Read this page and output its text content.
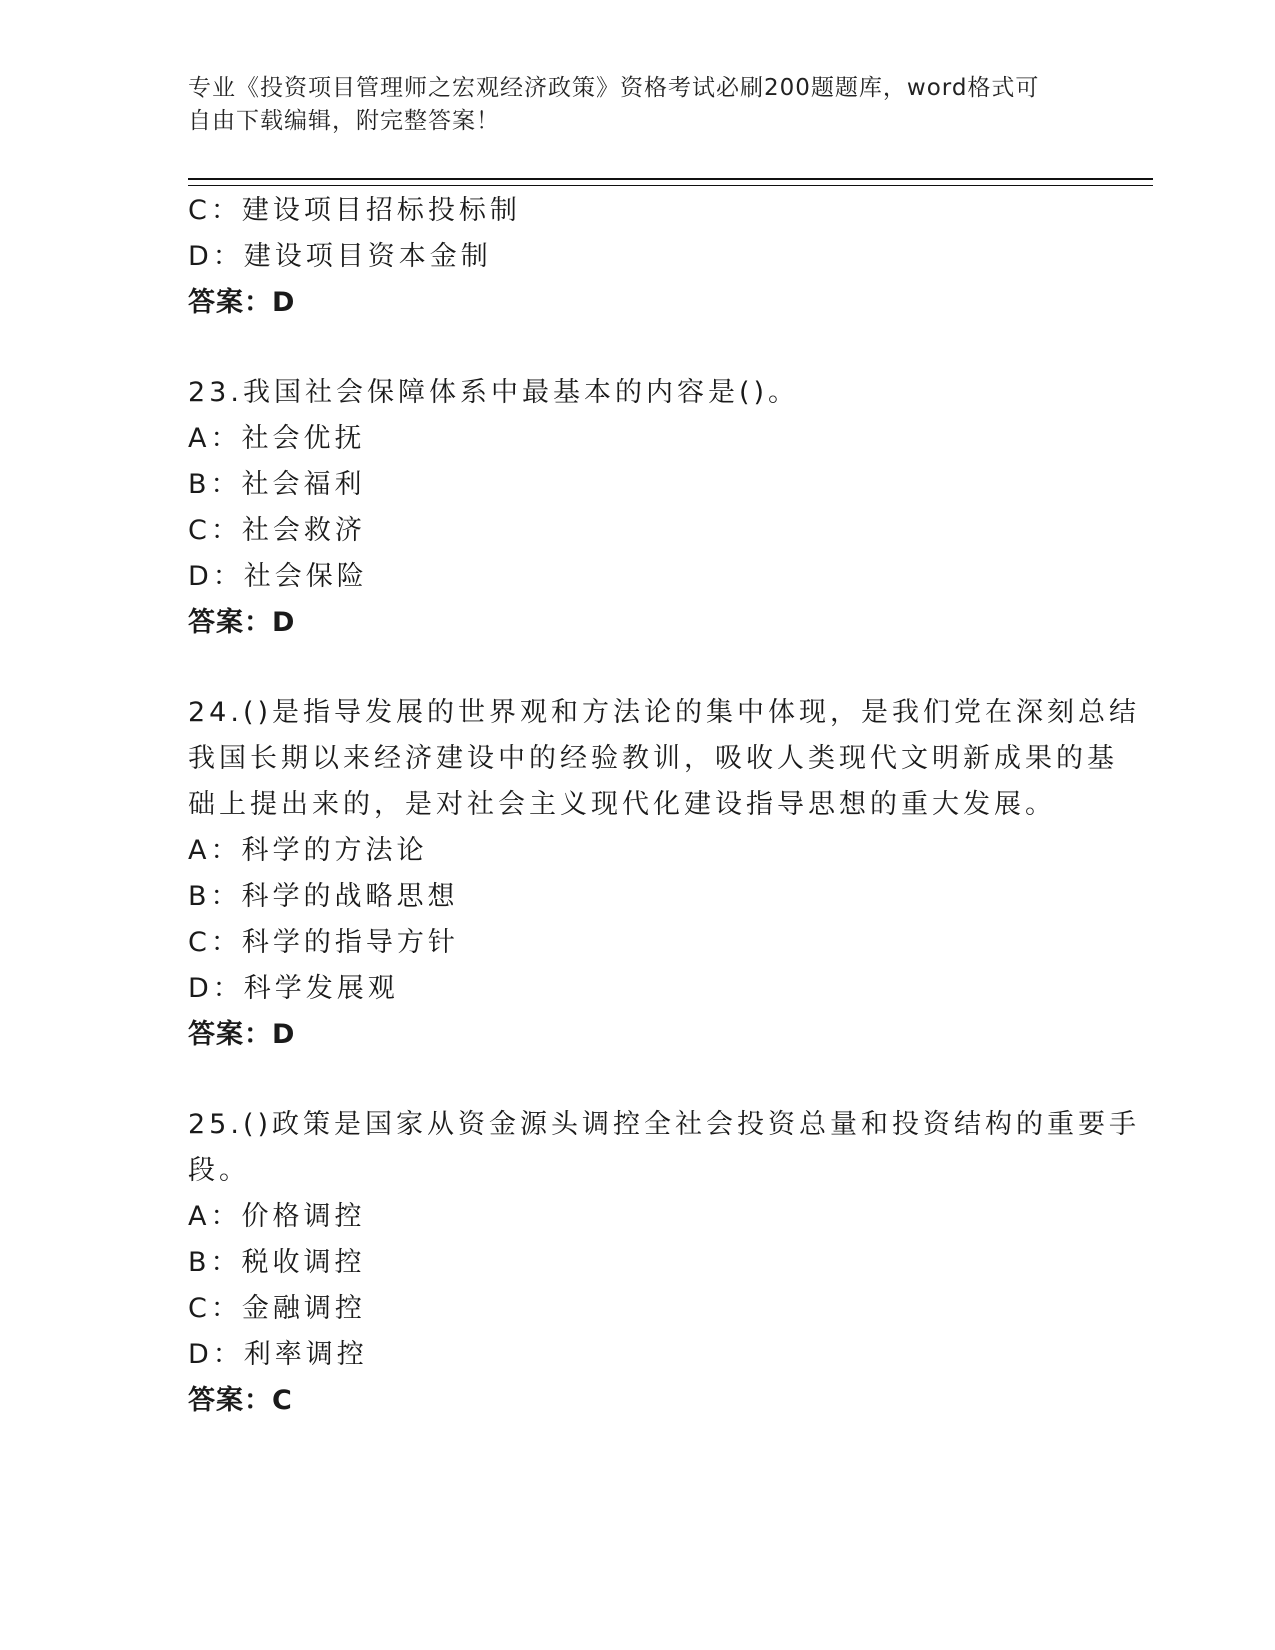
专业《投资项目管理师之宏观经济政策》资格考试必刷200题题库，word格式可
自由下载编辑，附完整答案！
C：建设项目招标投标制
D：建设项目资本金制
答案：D
23.我国社会保障体系中最基本的内容是()。
A：社会优抚
B：社会福利
C：社会救济
D：社会保险
答案：D
24.()是指导发展的世界观和方法论的集中体现，是我们党在深刻总结
我国长期以来经济建设中的经验教训，吸收人类现代文明新成果的基
础上提出来的，是对社会主义现代化建设指导思想的重大发展。
A：科学的方法论
B：科学的战略思想
C：科学的指导方针
D：科学发展观
答案：D
25.()政策是国家从资金源头调控全社会投资总量和投资结构的重要手
段。
A：价格调控
B：税收调控
C：金融调控
D：利率调控
答案：C
